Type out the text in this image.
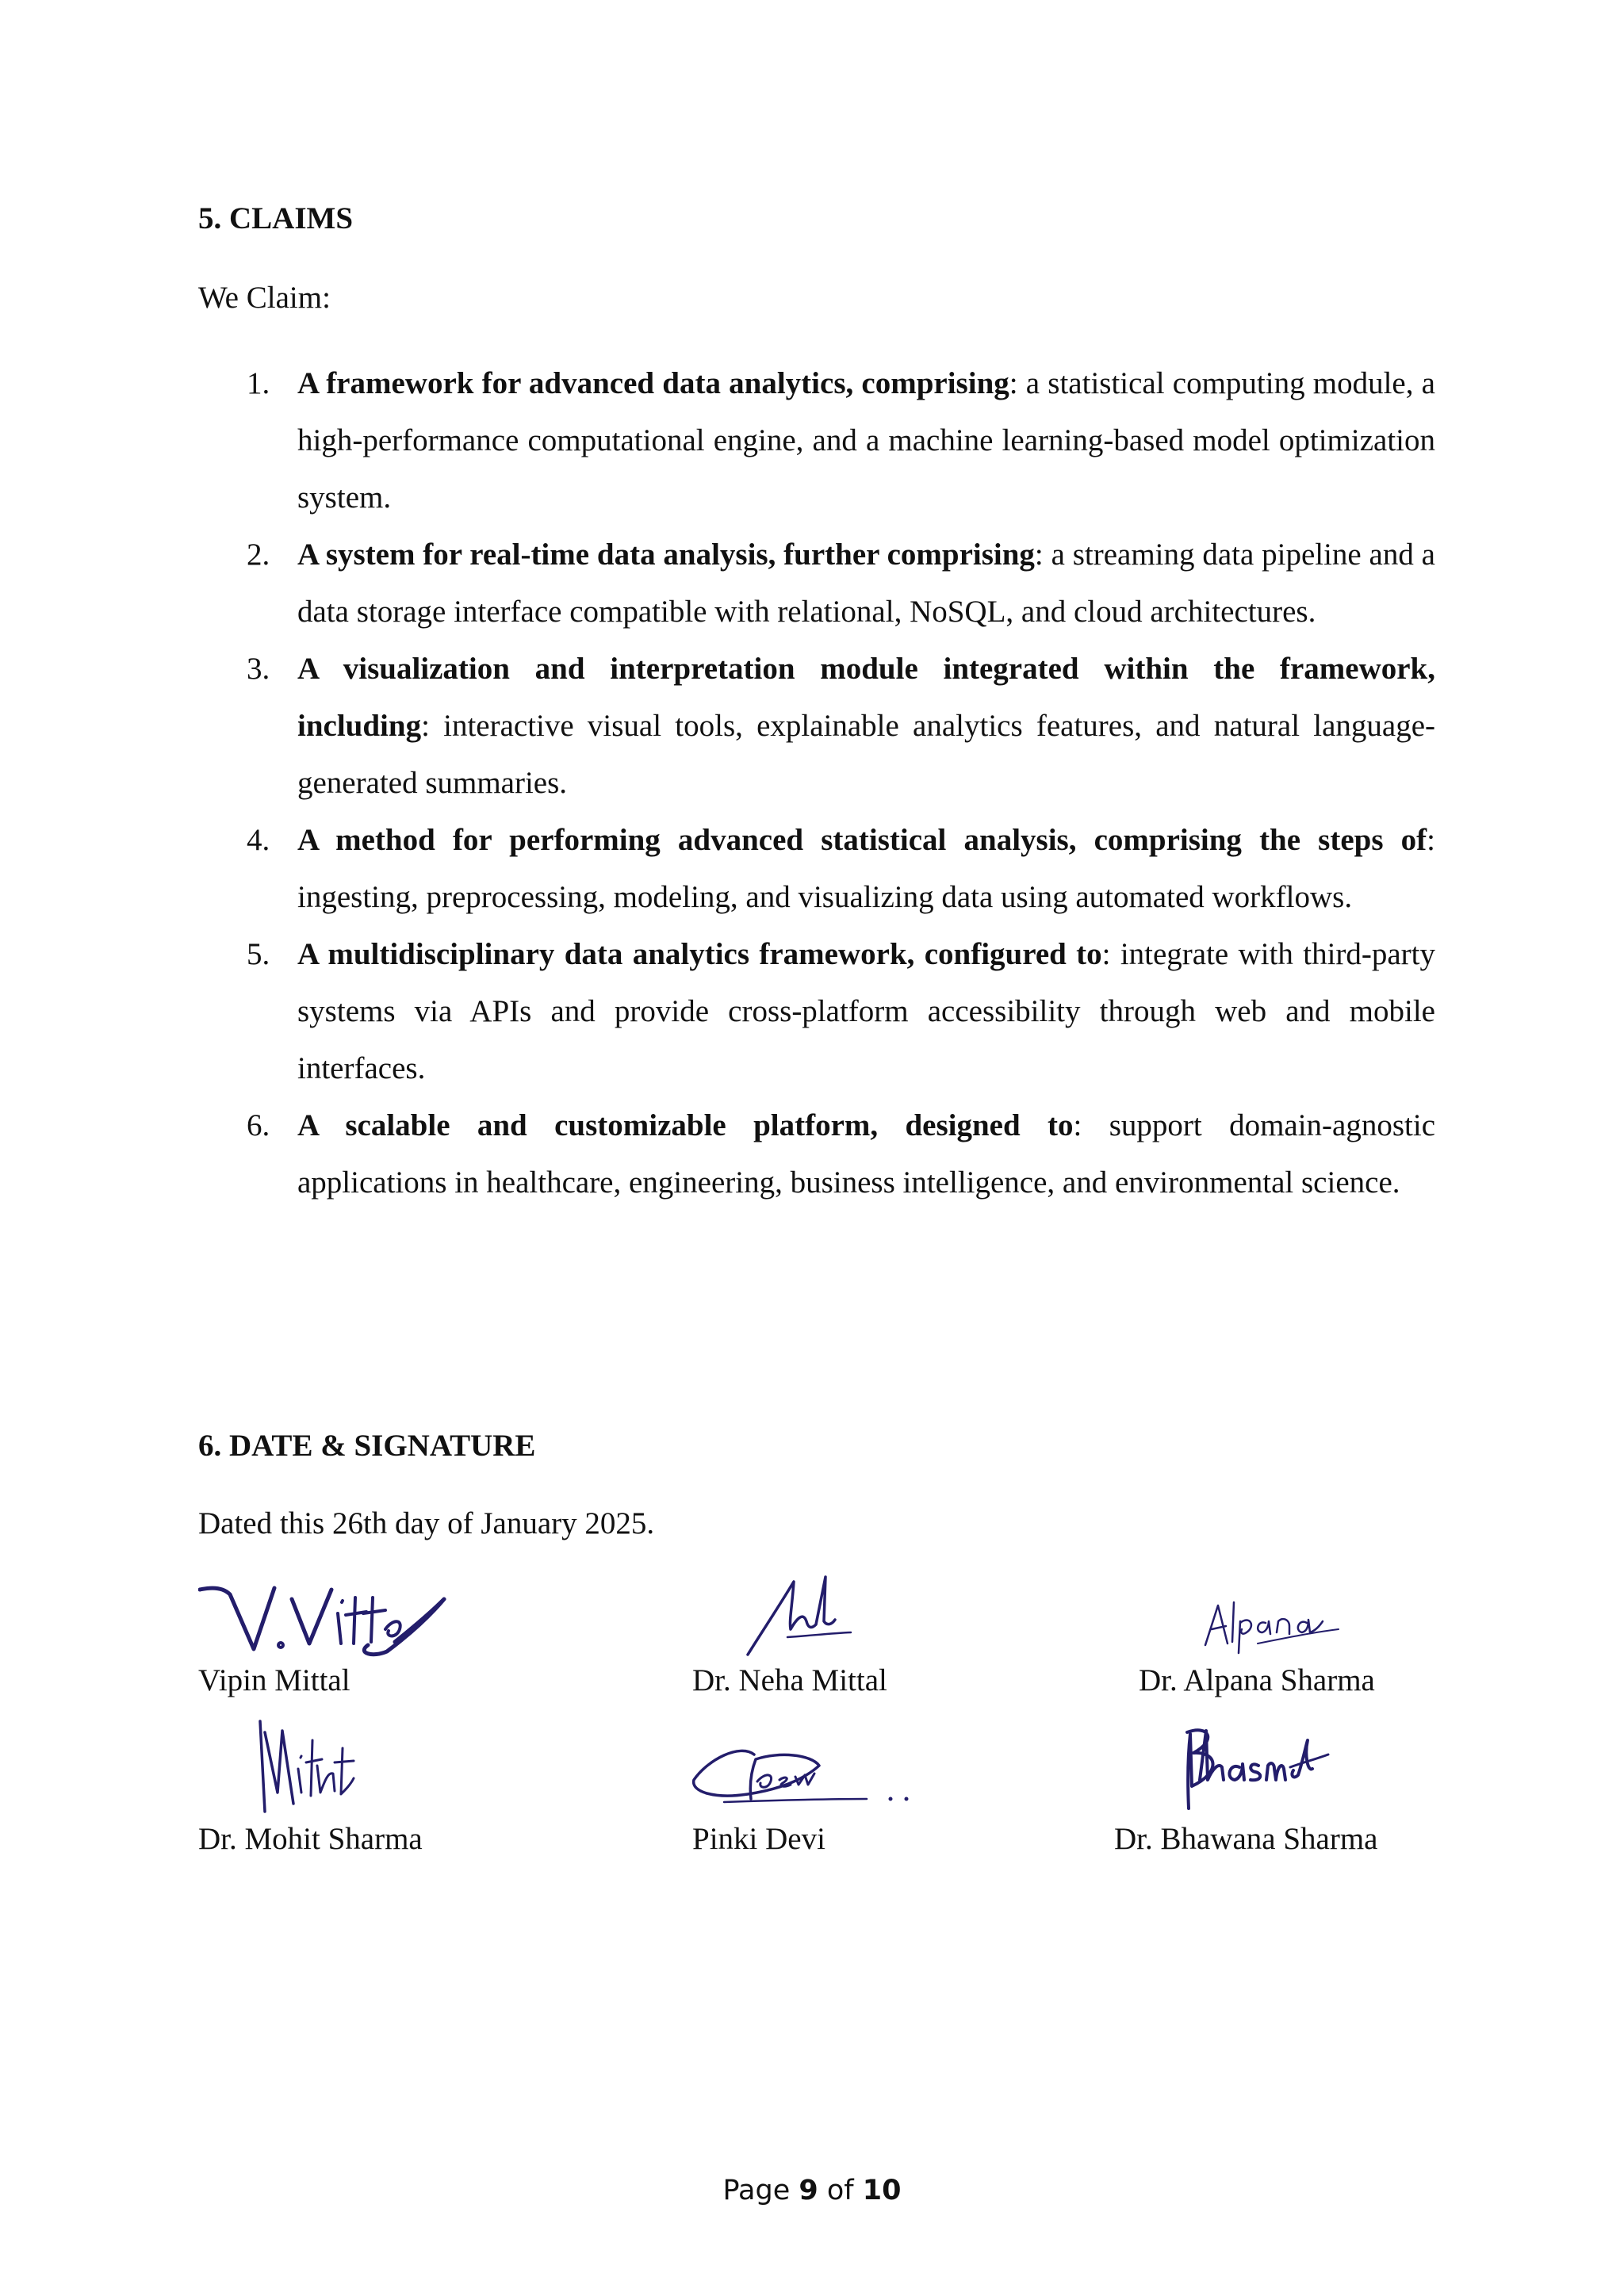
5. CLAIMS

We Claim:

1. A framework for advanced data analytics, comprising: a statistical computing module, a high-performance computational engine, and a machine learning-based model optimization system.
2. A system for real-time data analysis, further comprising: a streaming data pipeline and a data storage interface compatible with relational, NoSQL, and cloud architectures.
3. A visualization and interpretation module integrated within the framework, including: interactive visual tools, explainable analytics features, and natural language-generated summaries.
4. A method for performing advanced statistical analysis, comprising the steps of: ingesting, preprocessing, modeling, and visualizing data using automated workflows.
5. A multidisciplinary data analytics framework, configured to: integrate with third-party systems via APIs and provide cross-platform accessibility through web and mobile interfaces.
6. A scalable and customizable platform, designed to: support domain-agnostic applications in healthcare, engineering, business intelligence, and environmental science.
6. DATE & SIGNATURE

Dated this 26th day of January 2025.

Vipin Mittal	Dr. Neha Mittal	Dr. Alpana Sharma
Dr. Mohit Sharma	Pinki Devi	Dr. Bhawana Sharma
Page 9 of 10
